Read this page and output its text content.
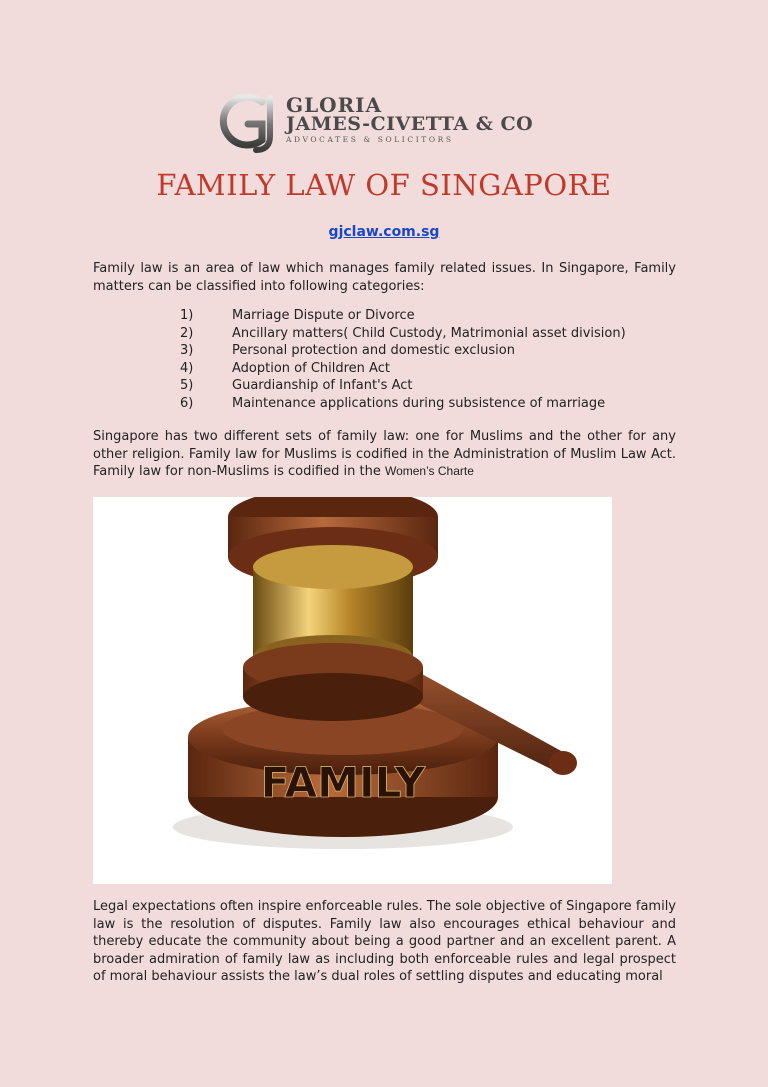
GLORIA
JAMES-CIVETTA & CO
ADVOCATES & SOLICITORS
FAMILY LAW OF SINGAPORE
gjclaw.com.sg

Family law is an area of law which manages family related issues. In Singapore, Family matters can be classified into following categories:

1)	Marriage Dispute or Divorce
2)	Ancillary matters( Child Custody, Matrimonial asset division)
3)	Personal protection and domestic exclusion
4)	Adoption of Children Act
5)	Guardianship of Infant's Act
6)	Maintenance applications during subsistence of marriage

Singapore has two different sets of family law: one for Muslims and the other for any other religion. Family law for Muslims is codified in the Administration of Muslim Law Act. Family law for non-Muslims is codified in the Women’s Charte

FAMILY

Legal expectations often inspire enforceable rules. The sole objective of Singapore family law is the resolution of disputes. Family law also encourages ethical behaviour and thereby educate the community about being a good partner and an excellent parent. A broader admiration of family law as including both enforceable rules and legal prospect of moral behaviour assists the law’s dual roles of settling disputes and educating moral
